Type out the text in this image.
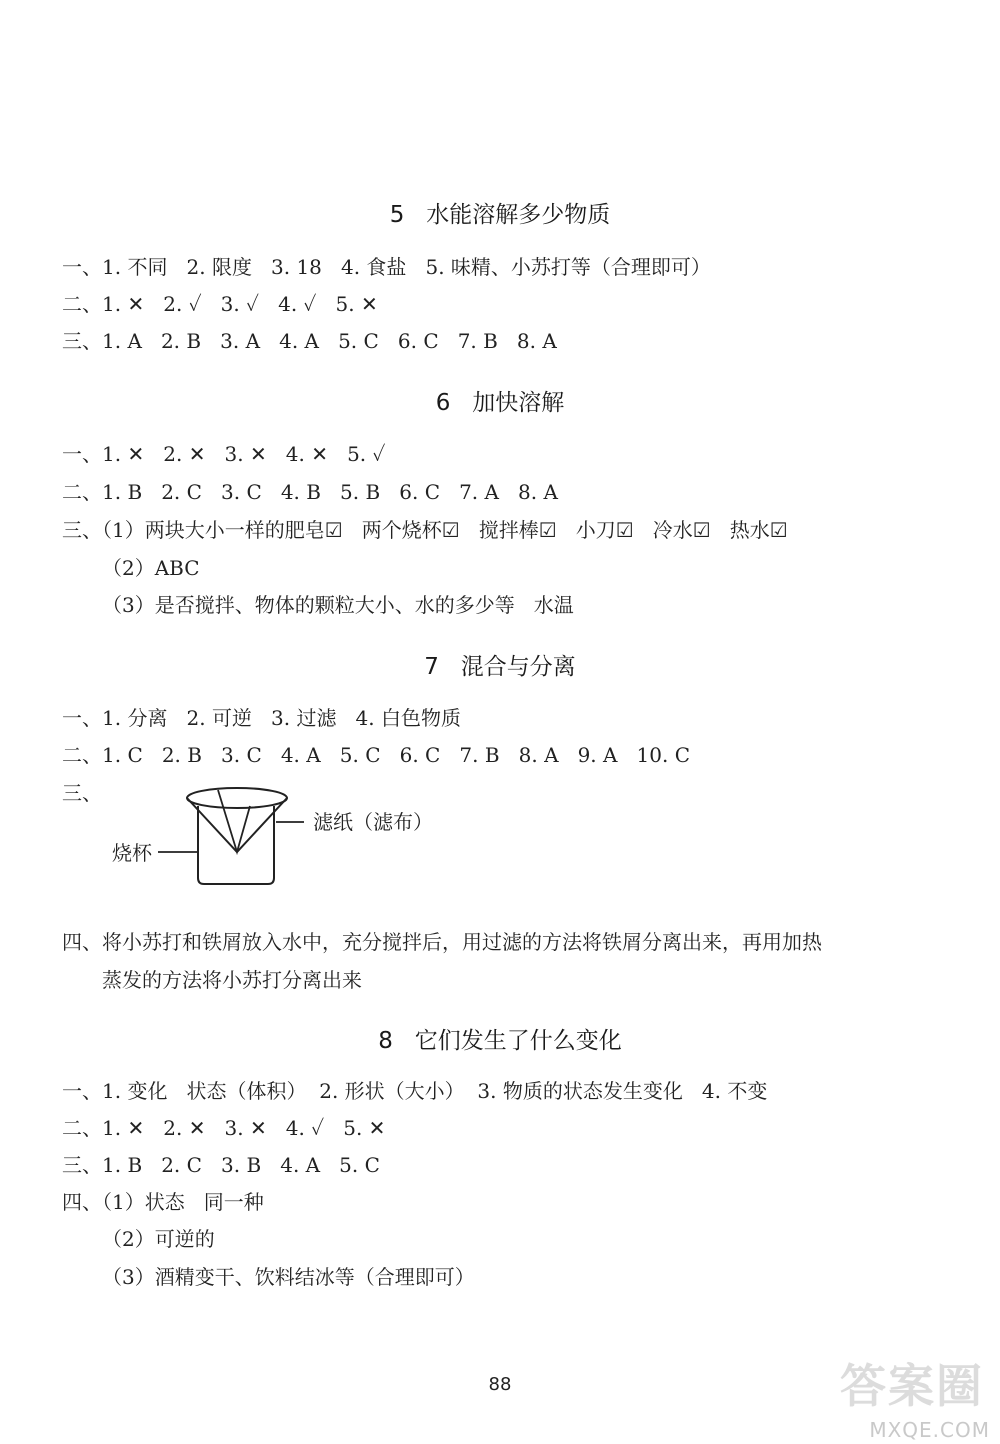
5   水能溶解多少物质
一、1. 不同   2. 限度   3. 18   4. 食盐   5. 味精、小苏打等（合理即可）
二、1. ✕   2. ✓   3. ✓   4. ✓   5. ✕
三、1. A   2. B   3. A   4. A   5. C   6. C   7. B   8. A
6   加快溶解
一、1. ✕   2. ✕   3. ✕   4. ✕   5. ✓
二、1. B   2. C   3. C   4. B   5. B   6. C   7. A   8. A
三、（1）两块大小一样的肥皂☑   两个烧杯☑   搅拌棒☑   小刀☑   冷水☑   热水☑
（2）ABC
（3）是否搅拌、物体的颗粒大小、水的多少等   水温
7   混合与分离
一、1. 分离   2. 可逆   3. 过滤   4. 白色物质
二、1. C   2. B   3. C   4. A   5. C   6. C   7. B   8. A   9. A   10. C
三、
滤纸（滤布）
烧杯
四、将小苏打和铁屑放入水中，充分搅拌后，用过滤的方法将铁屑分离出来，再用加热
蒸发的方法将小苏打分离出来
8   它们发生了什么变化
一、1. 变化   状态（体积）  2. 形状（大小）  3. 物质的状态发生变化   4. 不变
二、1. ✕   2. ✕   3. ✕   4. ✓   5. ✕
三、1. B   2. C   3. B   4. A   5. C
四、（1）状态   同一种
（2）可逆的
（3）酒精变干、饮料结冰等（合理即可）
88	答案圈
MXQE.COM
